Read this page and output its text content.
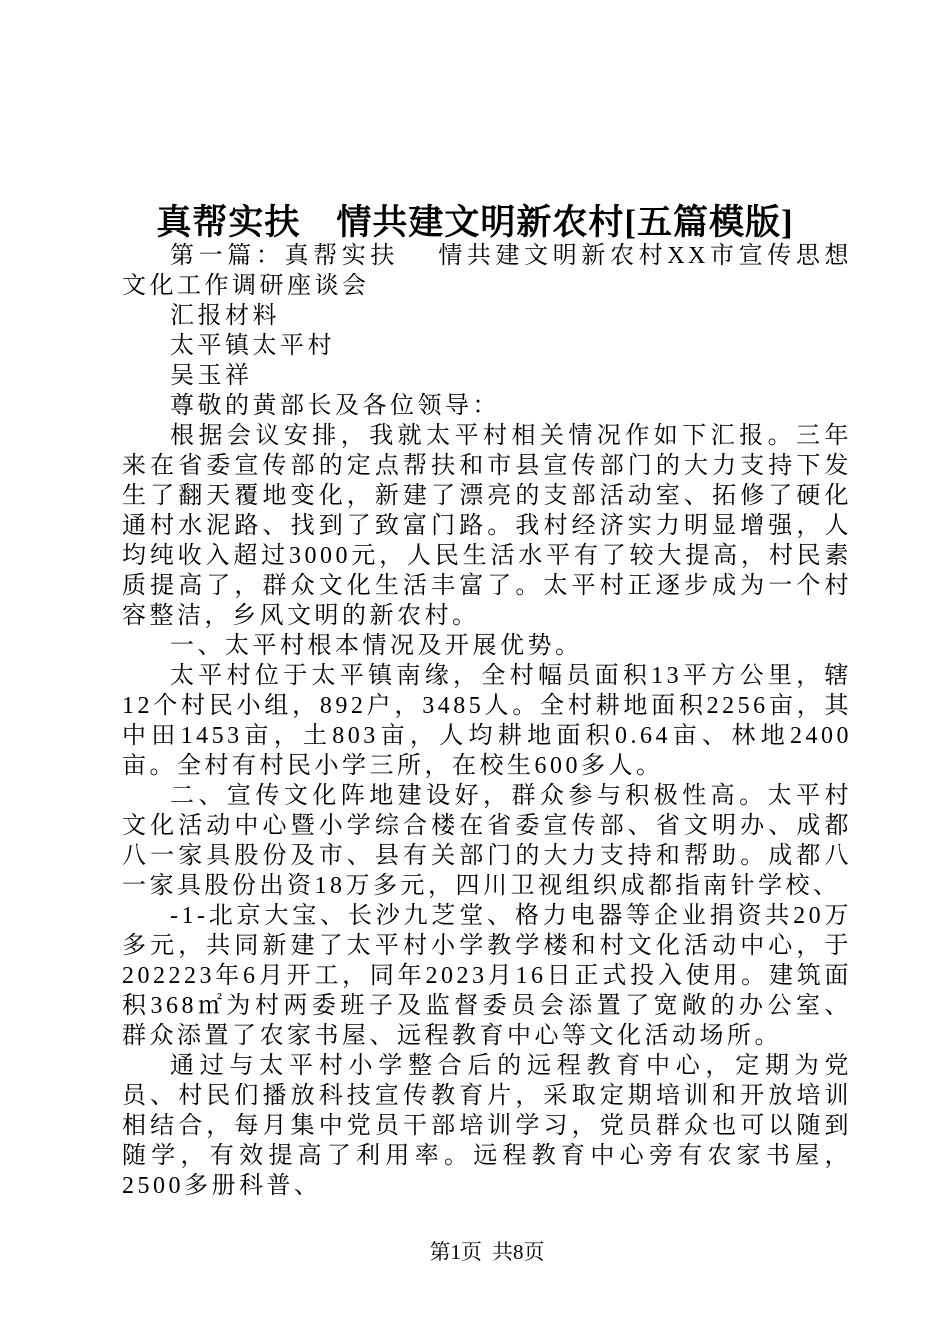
真帮实扶　情共建文明新农村[五篇模版]

第一篇：真帮实扶　 情共建文明新农村XX市宣传思想文化工作调研座谈会

汇报材料

太平镇太平村

吴玉祥

尊敬的黄部长及各位领导：

根据会议安排，我就太平村相关情况作如下汇报。三年来在省委宣传部的定点帮扶和市县宣传部门的大力支持下发生了翻天覆地变化，新建了漂亮的支部活动室、拓修了硬化通村水泥路、找到了致富门路。我村经济实力明显增强，人均纯收入超过3000元，人民生活水平有了较大提高，村民素质提高了，群众文化生活丰富了。太平村正逐步成为一个村容整洁，乡风文明的新农村。

一、太平村根本情况及开展优势。

太平村位于太平镇南缘，全村幅员面积13平方公里，辖12个村民小组，892户，3485人。全村耕地面积2256亩，其中田1453亩，土803亩，人均耕地面积0.64亩、林地2400亩。全村有村民小学三所，在校生600多人。

二、宣传文化阵地建设好，群众参与积极性高。太平村文化活动中心暨小学综合楼在省委宣传部、省文明办、成都八一家具股份及市、县有关部门的大力支持和帮助。成都八一家具股份出资18万多元，四川卫视组织成都指南针学校、

-1-北京大宝、长沙九芝堂、格力电器等企业捐资共20万多元，共同新建了太平村小学教学楼和村文化活动中心，于202223年6月开工，同年2023月16日正式投入使用。建筑面积368㎡为村两委班子及监督委员会添置了宽敞的办公室、群众添置了农家书屋、远程教育中心等文化活动场所。

通过与太平村小学整合后的远程教育中心，定期为党员、村民们播放科技宣传教育片，采取定期培训和开放培训相结合，每月集中党员干部培训学习，党员群众也可以随到随学，有效提高了利用率。远程教育中心旁有农家书屋，2500多册科普、

第1页 共8页
